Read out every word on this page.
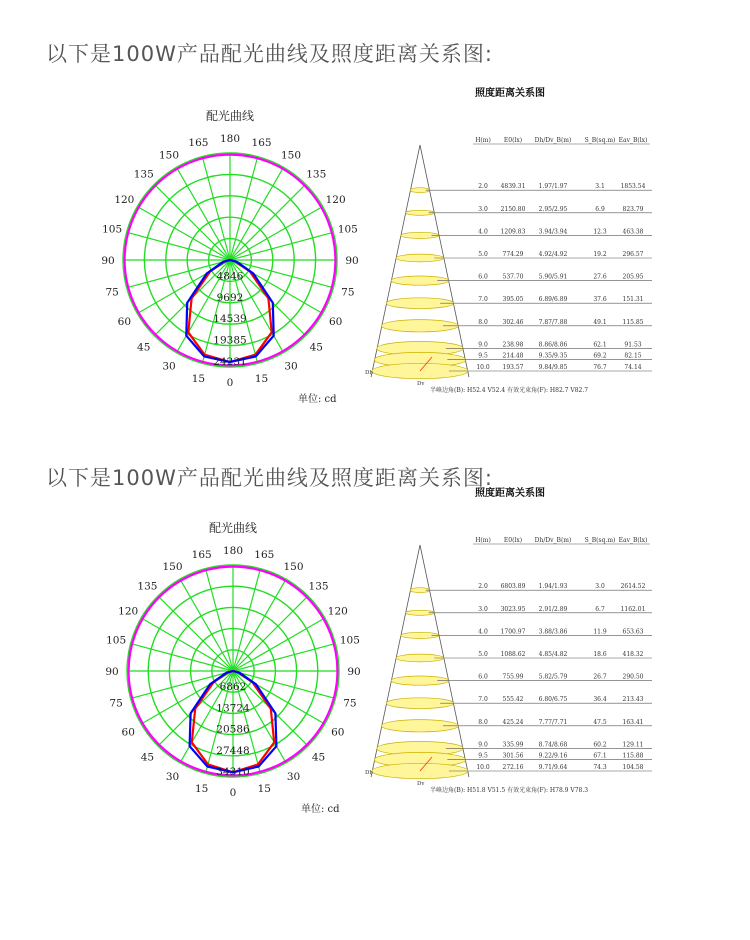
以下是100W产品配光曲线及照度距离关系图:
配光曲线
180
165
150
135
120
105
90
75
60
45
30
15 0
165
150
135
120
105
90
75
60
45
30
15
4846
9692
14539
19385
24231
单位: cd
照度距离关系图
H(m) E0(lx) Dh/Dv_B(m) S_B(sq.m) Eav_B(lx)
2.0 4839.31 1.97/1.97	3.1	1853.54
3.0 2150.80 2.95/2.95	6.9	823.79
4.0 1209.83 3.94/3.94	12.3	463.38
5.0 774.29	4.92/4.92	19.2	296.57
6.0 537.70	5.90/5.91	27.6	205.95
7.0 395.05	6.89/6.89	37.6	151.31
8.0 302.46	7.87/7.88	49.1	115.85
9.0 238.98	8.86/8.86	62.1	91.53
9.5 214.48	9.35/9.35	69.2	82.15
10.0 193.57	9.84/9.85	76.7	74.14
Dh
Dv
半峰边角(B): H52.4 V52.4 有效光束角(F): H82.7 V82.7
以下是100W产品配光曲线及照度距离关系图:
配光曲线
180
165
150
135
120
105
90
75
60
45
30
15 0
165
150
135
120
105
90
75
60
45
30
15
6862
13724
20586
27448
34310
单位: cd
照度距离关系图
H(m) E0(lx) Dh/Dv_B(m) S_B(sq.m) Eav_B(lx)
2.0 6803.89 1.94/1.93	3.0	2614.52
3.0 3023.95 2.91/2.89	6.7	1162.01
4.0 1700.97 3.88/3.86	11.9	653.63
5.0 1088.62 4.85/4.82	18.6	418.32
6.0 755.99	5.82/5.79	26.7	290.50
7.0 555.42	6.80/6.75	36.4	213.43
8.0 425.24	7.77/7.71	47.5	163.41
9.0 335.99	8.74/8.68	60.2	129.11
9.5 301.56	9.22/9.16	67.1	115.88
10.0 272.16	9.71/9.64	74.3	104.58
Dh
Dv
半峰边角(B): H51.8 V51.5 有效光束角(F): H78.9 V78.3
